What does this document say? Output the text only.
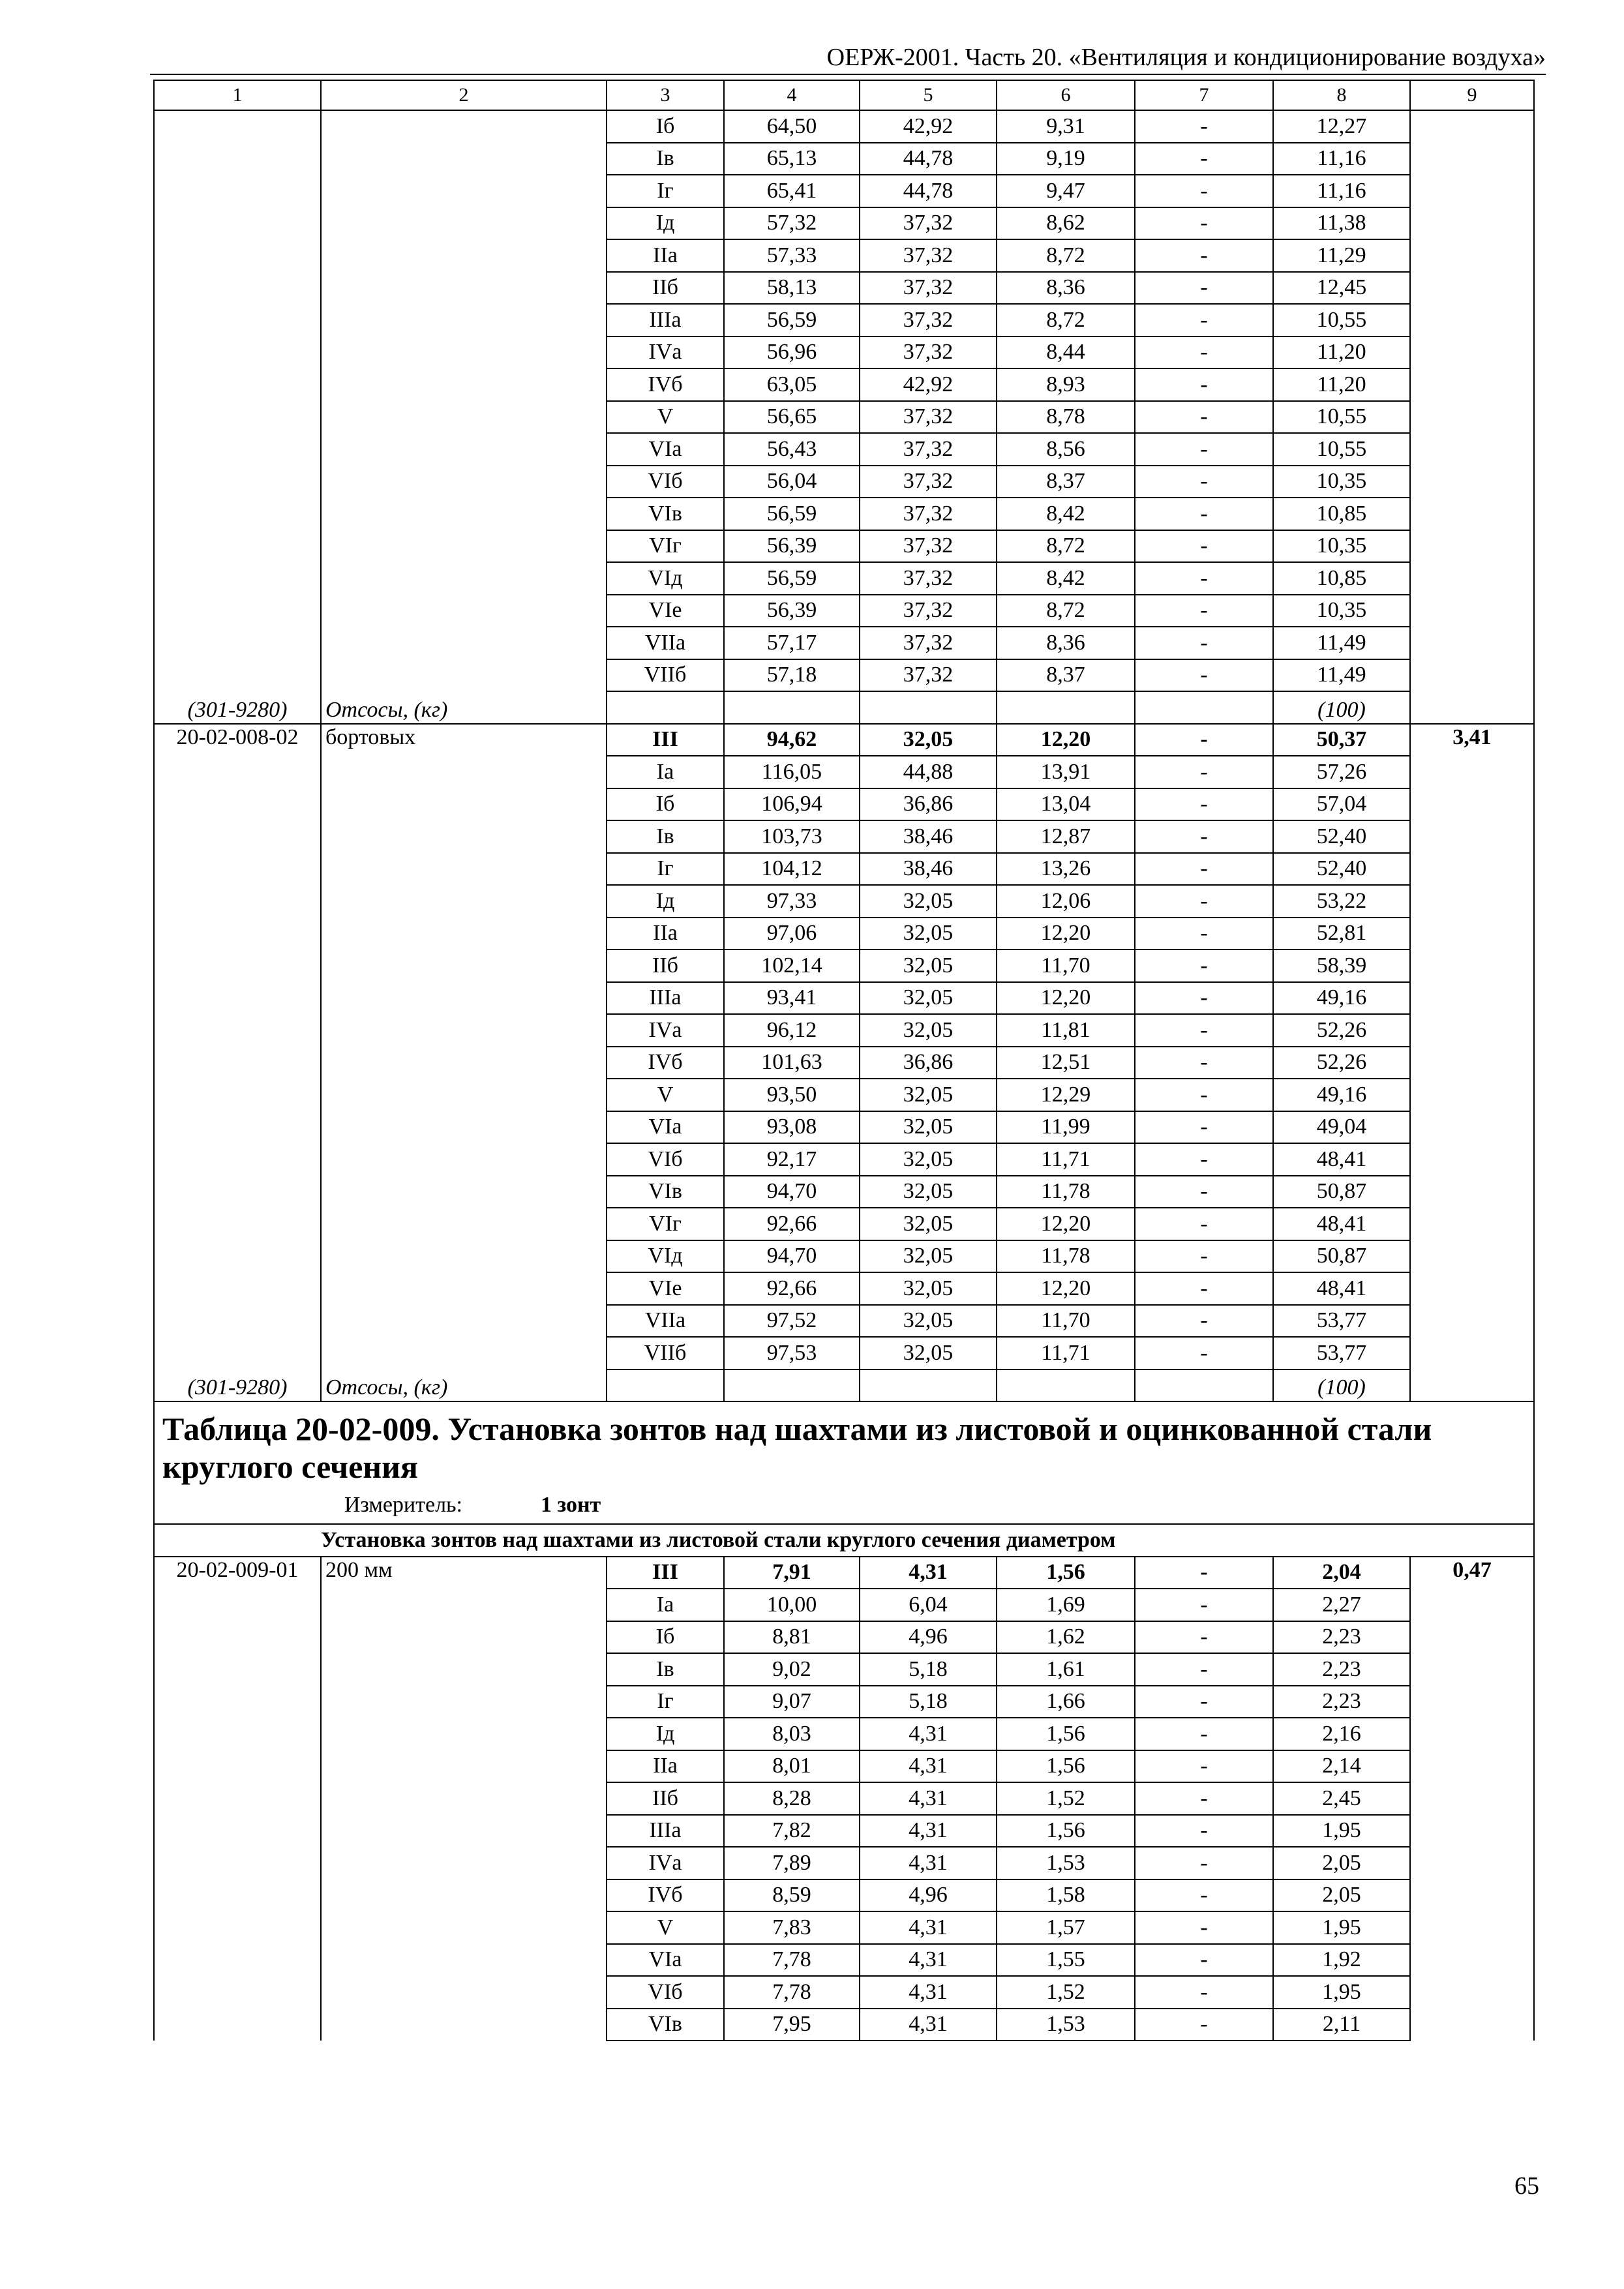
ОЕРЖ-2001. Часть 20. «Вентиляция и кондиционирование воздуха»
1	2	3	4	5	6	7	8	9
		Iб	64,50	42,92	9,31	-	12,27	
		Iв	65,13	44,78	9,19	-	11,16	
		Iг	65,41	44,78	9,47	-	11,16	
		Iд	57,32	37,32	8,62	-	11,38	
		IIа	57,33	37,32	8,72	-	11,29	
		IIб	58,13	37,32	8,36	-	12,45	
		IIIа	56,59	37,32	8,72	-	10,55	
		IVа	56,96	37,32	8,44	-	11,20	
		IVб	63,05	42,92	8,93	-	11,20	
		V	56,65	37,32	8,78	-	10,55	
		VIа	56,43	37,32	8,56	-	10,55	
		VIб	56,04	37,32	8,37	-	10,35	
		VIв	56,59	37,32	8,42	-	10,85	
		VIг	56,39	37,32	8,72	-	10,35	
		VIд	56,59	37,32	8,42	-	10,85	
		VIе	56,39	37,32	8,72	-	10,35	
		VIIа	57,17	37,32	8,36	-	11,49	
		VIIб	57,18	37,32	8,37	-	11,49	
(301-9280)	Отсосы, (кг)						(100)	
20-02-008-02	бортовых	III	94,62	32,05	12,20	-	50,37	3,41
		Iа	116,05	44,88	13,91	-	57,26	
		Iб	106,94	36,86	13,04	-	57,04	
		Iв	103,73	38,46	12,87	-	52,40	
		Iг	104,12	38,46	13,26	-	52,40	
		Iд	97,33	32,05	12,06	-	53,22	
		IIа	97,06	32,05	12,20	-	52,81	
		IIб	102,14	32,05	11,70	-	58,39	
		IIIа	93,41	32,05	12,20	-	49,16	
		IVа	96,12	32,05	11,81	-	52,26	
		IVб	101,63	36,86	12,51	-	52,26	
		V	93,50	32,05	12,29	-	49,16	
		VIа	93,08	32,05	11,99	-	49,04	
		VIб	92,17	32,05	11,71	-	48,41	
		VIв	94,70	32,05	11,78	-	50,87	
		VIг	92,66	32,05	12,20	-	48,41	
		VIд	94,70	32,05	11,78	-	50,87	
		VIе	92,66	32,05	12,20	-	48,41	
		VIIа	97,52	32,05	11,70	-	53,77	
		VIIб	97,53	32,05	11,71	-	53,77	
(301-9280)	Отсосы, (кг)						(100)	

Таблица 20-02-009. Установка зонтов над шахтами из листовой и оцинкованной стали круглого сечения
Измеритель: 1 зонт								

	Установка зонтов над шахтами из листовой стали круглого сечения диаметром							
20-02-009-01	200 мм	III	7,91	4,31	1,56	-	2,04	0,47
		Iа	10,00	6,04	1,69	-	2,27	
		Iб	8,81	4,96	1,62	-	2,23	
		Iв	9,02	5,18	1,61	-	2,23	
		Iг	9,07	5,18	1,66	-	2,23	
		Iд	8,03	4,31	1,56	-	2,16	
		IIа	8,01	4,31	1,56	-	2,14	
		IIб	8,28	4,31	1,52	-	2,45	
		IIIа	7,82	4,31	1,56	-	1,95	
		IVа	7,89	4,31	1,53	-	2,05	
		IVб	8,59	4,96	1,58	-	2,05	
		V	7,83	4,31	1,57	-	1,95	
		VIа	7,78	4,31	1,55	-	1,92	
		VIб	7,78	4,31	1,52	-	1,95	
		VIв	7,95	4,31	1,53	-	2,11	
65
